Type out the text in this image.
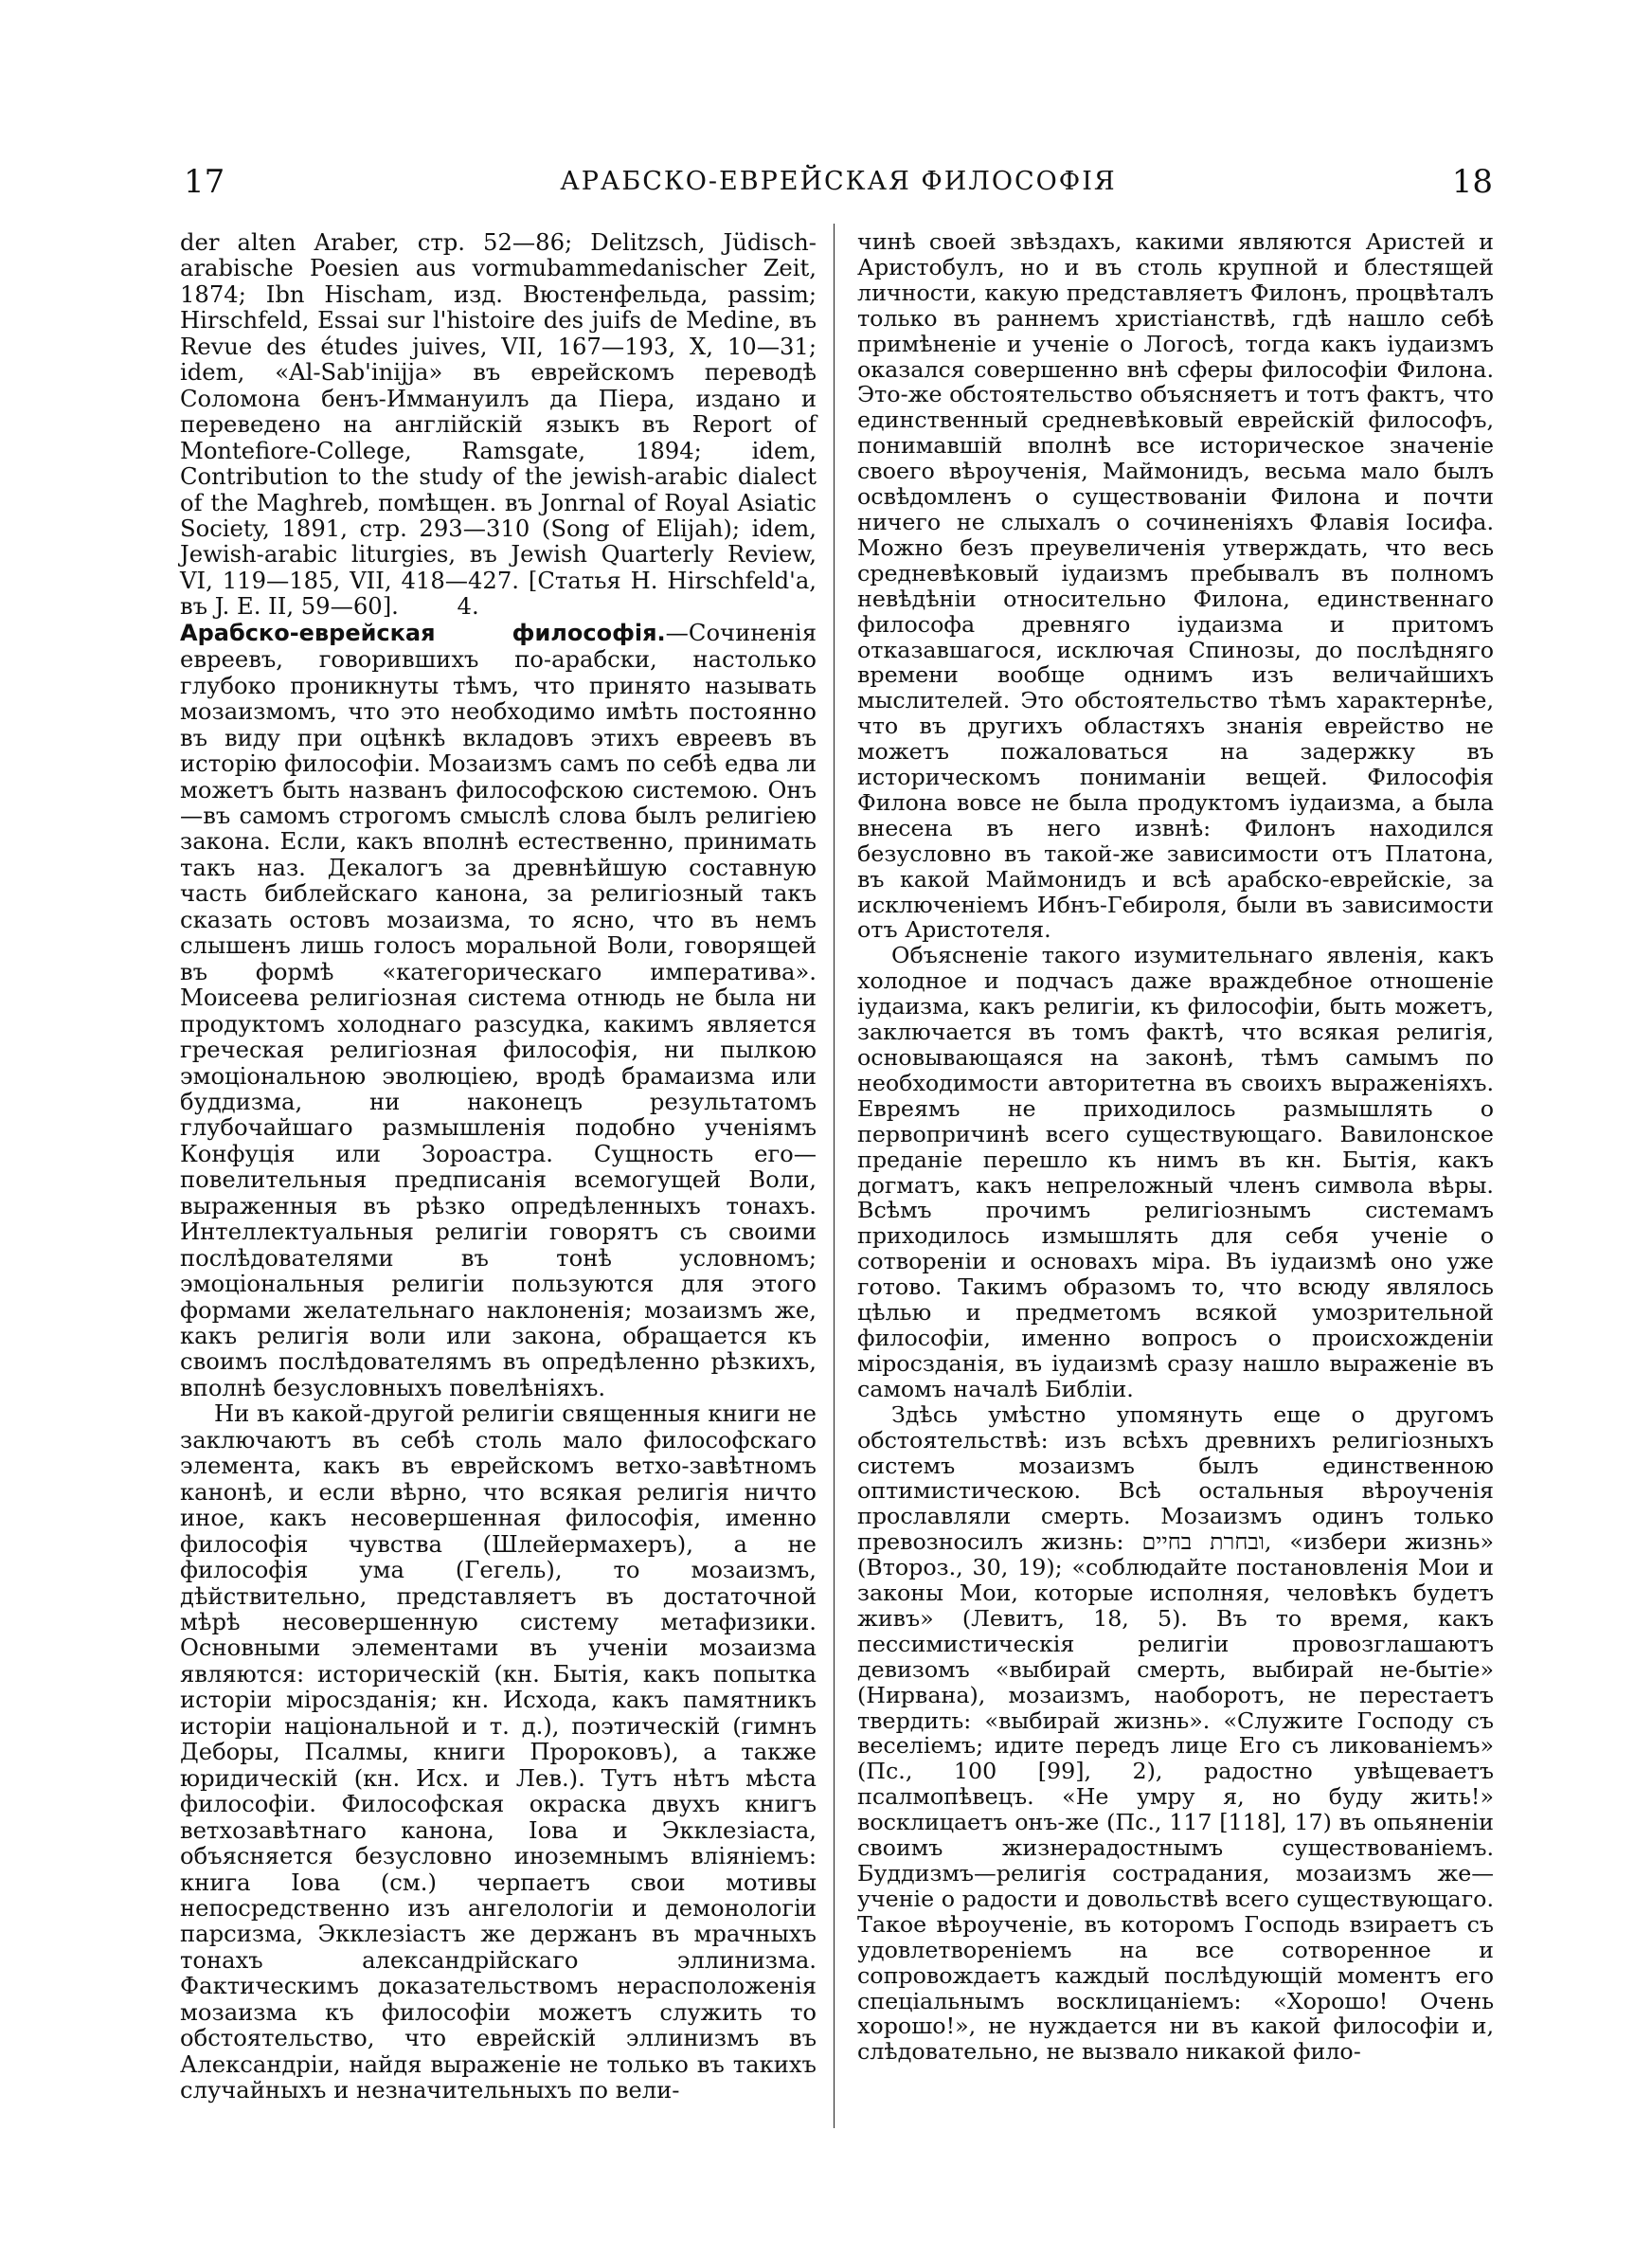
17	АРАБСКО-ЕВРЕЙСКАЯ ФИЛОСОФІЯ	18

der alten Araber, стр. 52—86; Delitzsch, Jüdisch-arabische Poesien aus vormubammedanischer Zeit, 1874; Ibn Hischam, изд. Вюстенфельда, passim; Hirschfeld, Essai sur l'histoire des juifs de Medine, въ Revue des études juives, VII, 167—193, X, 10—31; idem, «Al-Sab'inijja» въ еврейскомъ переводѣ Соломона бенъ-Иммануилъ да Піера, издано и переведено на англійскій языкъ въ Report of Montefiore-College, Ramsgate, 1894; idem, Contribution to the study of the jewish-arabic dialect of the Maghreb, помѣщен. въ Jonrnal of Royal Asiatic Society, 1891, стр. 293—310 (Song of Elijah); idem, Jewish-arabic liturgies, въ Jewish Quarterly Review, VI, 119—185, VII, 418—427. [Статья H. Hirschfeld'а, въ J. E. II, 59—60].	4.

Арабско-еврейская философія.—Сочиненія евреевъ, говорившихъ по-арабски, настолько глубоко проникнуты тѣмъ, что принято называть мозаизмомъ, что это необходимо имѣть постоянно въ виду при оцѣнкѣ вкладовъ этихъ евреевъ въ исторію философіи. Мозаизмъ самъ по себѣ едва ли можетъ быть названъ философскою системою. Онъ—въ самомъ строгомъ смыслѣ слова былъ религіею закона. Если, какъ вполнѣ естественно, принимать такъ наз. Декалогъ за древнѣйшую составную часть библейскаго канона, за религіозный такъ сказать остовъ мозаизма, то ясно, что въ немъ слышенъ лишь голосъ моральной Воли, говорящей въ формѣ «категорическаго императива». Моисеева религіозная система отнюдь не была ни продуктомъ холоднаго разсудка, какимъ является греческая религіозная философія, ни пылкою эмоціональною эволюціею, вродѣ брамаизма или буддизма, ни наконецъ результатомъ глубочайшаго размышленія подобно ученіямъ Конфуція или Зороастра. Сущность его—повелительныя предписанія всемогущей Воли, выраженныя въ рѣзко опредѣленныхъ тонахъ. Интеллектуальныя религіи говорятъ съ своими послѣдователями въ тонѣ условномъ; эмоціональныя религіи пользуются для этого формами желательнаго наклоненія; мозаизмъ же, какъ религія воли или закона, обращается къ своимъ послѣдователямъ въ опредѣленно рѣзкихъ, вполнѣ безусловныхъ повелѣніяхъ.

Ни въ какой-другой религіи священныя книги не заключаютъ въ себѣ столь мало философскаго элемента, какъ въ еврейскомъ ветхо-завѣтномъ канонѣ, и если вѣрно, что всякая религія ничто иное, какъ несовершенная философія, именно философія чувства (Шлейермахеръ), а не философія ума (Гегель), то мозаизмъ, дѣйствительно, представляетъ въ достаточной мѣрѣ несовершенную систему метафизики. Основными элементами въ ученіи мозаизма являются: историческій (кн. Бытія, какъ попытка исторіи міросзданія; кн. Исхода, какъ памятникъ исторіи національной и т. д.), поэтическій (гимнъ Деборы, Псалмы, книги Пророковъ), а также юридическій (кн. Исх. и Лев.). Тутъ нѣтъ мѣста философіи. Философская окраска двухъ книгъ ветхозавѣтнаго канона, Іова и Экклезіаста, объясняется безусловно иноземнымъ вліяніемъ: книга Іова (см.) черпаетъ свои мотивы непосредственно изъ ангелологіи и демонологіи парсизма, Экклезіастъ же держанъ въ мрачныхъ тонахъ александрійскаго эллинизма. Фактическимъ доказательствомъ нерасположенія мозаизма къ философіи можетъ служить то обстоятельство, что еврейскій эллинизмъ въ Александріи, найдя выраженіе не только въ такихъ случайныхъ и незначительныхъ по вели-

чинѣ своей звѣздахъ, какими являются Аристей и Аристобулъ, но и въ столь крупной и блестящей личности, какую представляетъ Филонъ, процвѣталъ только въ раннемъ христіанствѣ, гдѣ нашло себѣ примѣненіе и ученіе о Логосѣ, тогда какъ іудаизмъ оказался совершенно внѣ сферы философіи Филона. Это-же обстоятельство объясняетъ и тотъ фактъ, что единственный средневѣковый еврейскій философъ, понимавшій вполнѣ все историческое значеніе своего вѣроученія, Маймонидъ, весьма мало былъ освѣдомленъ о существованіи Филона и почти ничего не слыхалъ о сочиненіяхъ Флавія Іосифа. Можно безъ преувеличенія утверждать, что весь средневѣковый іудаизмъ пребывалъ въ полномъ невѣдѣніи относительно Филона, единственнаго философа древняго іудаизма и притомъ отказавшагося, исключая Спинозы, до послѣдняго времени вообще однимъ изъ величайшихъ мыслителей. Это обстоятельство тѣмъ характернѣе, что въ другихъ областяхъ знанія еврейство не можетъ пожаловаться на задержку въ историческомъ пониманіи вещей. Философія Филона вовсе не была продуктомъ іудаизма, а была внесена въ него извнѣ: Филонъ находился безусловно въ такой-же зависимости отъ Платона, въ какой Маймонидъ и всѣ арабско-еврейскіе, за исключеніемъ Ибнъ-Гебироля, были въ зависимости отъ Аристотеля.

Объясненіе такого изумительнаго явленія, какъ холодное и подчасъ даже враждебное отношеніе іудаизма, какъ религіи, къ философіи, быть можетъ, заключается въ томъ фактѣ, что всякая религія, основывающаяся на законѣ, тѣмъ самымъ по необходимости авторитетна въ своихъ выраженіяхъ. Евреямъ не приходилось размышлять о первопричинѣ всего существующаго. Вавилонское преданіе перешло къ нимъ въ кн. Бытія, какъ догматъ, какъ непреложный членъ символа вѣры. Всѣмъ прочимъ религіознымъ системамъ приходилось измышлять для себя ученіе о сотвореніи и основахъ міра. Въ іудаизмѣ оно уже готово. Такимъ образомъ то, что всюду являлось цѣлью и предметомъ всякой умозрительной философіи, именно вопросъ о происхожденіи міросзданія, въ іудаизмѣ сразу нашло выраженіе въ самомъ началѣ Библіи.

Здѣсь умѣстно упомянуть еще о другомъ обстоятельствѣ: изъ всѣхъ древнихъ религіозныхъ системъ мозаизмъ былъ единственною оптимистическою. Всѣ остальныя вѣроученія прославляли смерть. Мозаизмъ одинъ только превозносилъ жизнь: ובחרת בחיים, «избери жизнь» (Второз., 30, 19); «соблюдайте постановленія Мои и законы Мои, которые исполняя, человѣкъ будетъ живъ» (Левитъ, 18, 5). Въ то время, какъ пессимистическія религіи провозглашаютъ девизомъ «выбирай смерть, выбирай не-бытіе» (Нирвана), мозаизмъ, наоборотъ, не перестаетъ твердить: «выбирай жизнь». «Служите Господу съ веселіемъ; идите передъ лице Его съ ликованіемъ» (Пс., 100 [99], 2), радостно увѣщеваетъ псалмопѣвецъ. «Не умру я, но буду жить!» восклицаетъ онъ-же (Пс., 117 [118], 17) въ опьяненіи своимъ жизнерадостнымъ существованіемъ. Буддизмъ—религія сострадания, мозаизмъ же—ученіе о радости и довольствѣ всего существующаго. Такое вѣроученіе, въ которомъ Господь взираетъ съ удовлетвореніемъ на все сотворенное и сопровождаетъ каждый послѣдующій моментъ его спеціальнымъ восклицаніемъ: «Хорошо! Очень хорошо!», не нуждается ни въ какой философіи и, слѣдовательно, не вызвало никакой фило-
